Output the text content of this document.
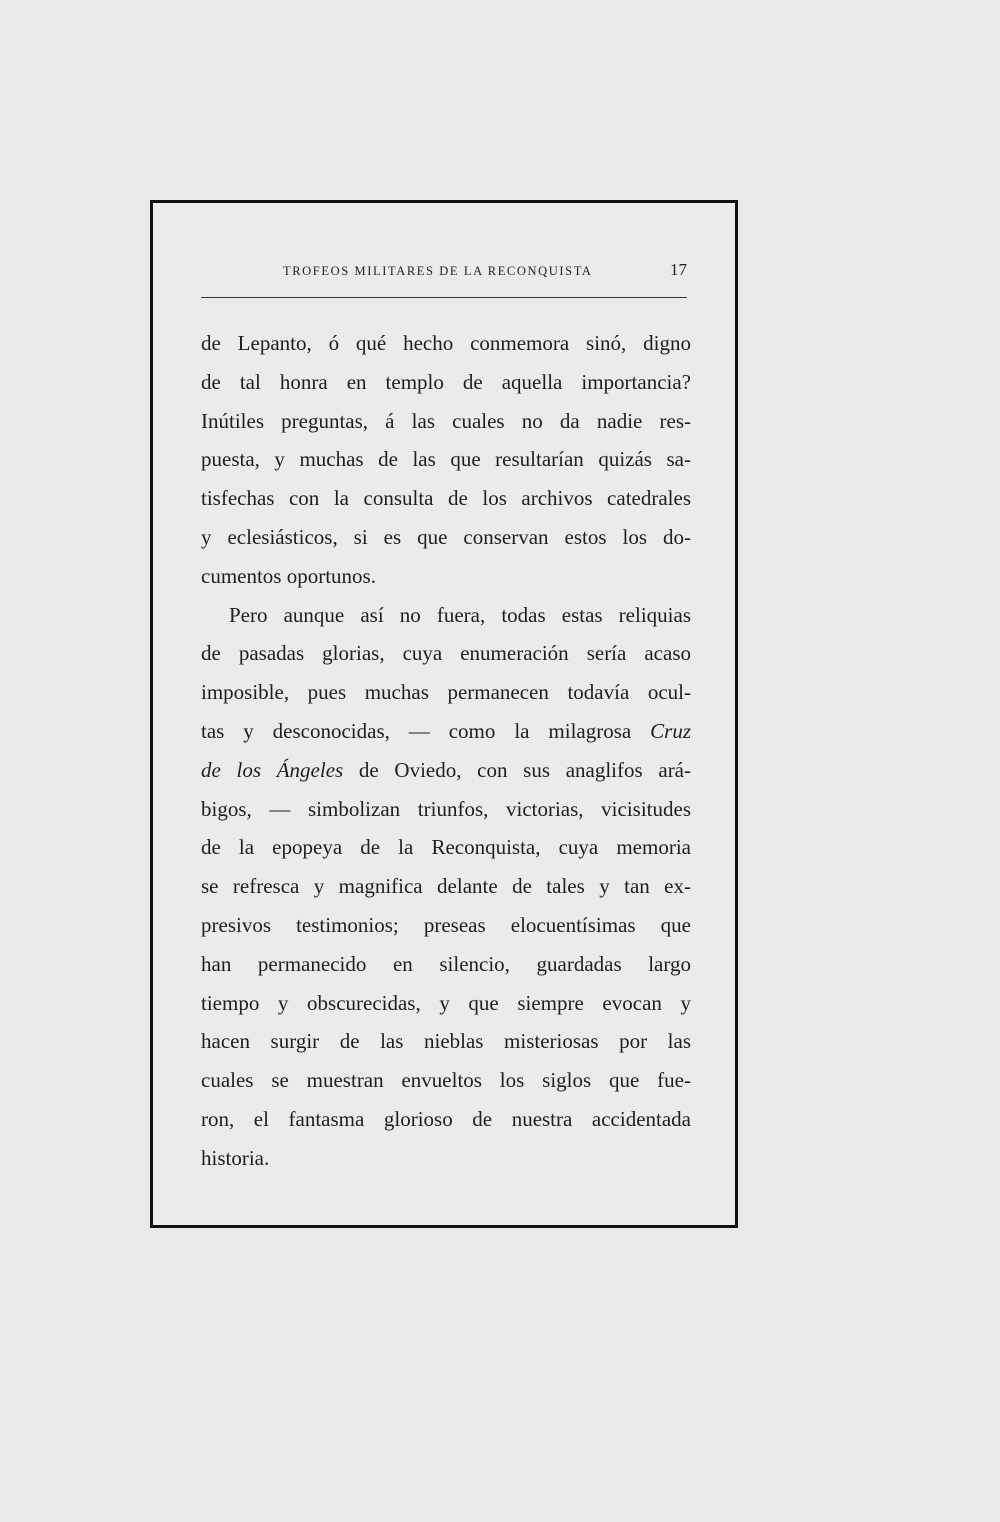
TROFEOS MILITARES DE LA RECONQUISTA	17
de Lepanto, ó qué hecho conmemora sinó, digno
de tal honra en templo de aquella importancia?
Inútiles preguntas, á las cuales no da nadie res-
puesta, y muchas de las que resultarían quizás sa-
tisfechas con la consulta de los archivos catedrales
y eclesiásticos, si es que conservan estos los do-
cumentos oportunos.
Pero aunque así no fuera, todas estas reliquias
de pasadas glorias, cuya enumeración sería acaso
imposible, pues muchas permanecen todavía ocul-
tas y desconocidas, — como la milagrosa Cruz
de los Ángeles de Oviedo, con sus anaglifos ará-
bigos, — simbolizan triunfos, victorias, vicisitudes
de la epopeya de la Reconquista, cuya memoria
se refresca y magnifica delante de tales y tan ex-
presivos testimonios; preseas elocuentísimas que
han permanecido en silencio, guardadas largo
tiempo y obscurecidas, y que siempre evocan y
hacen surgir de las nieblas misteriosas por las
cuales se muestran envueltos los siglos que fue-
ron, el fantasma glorioso de nuestra accidentada
historia.
